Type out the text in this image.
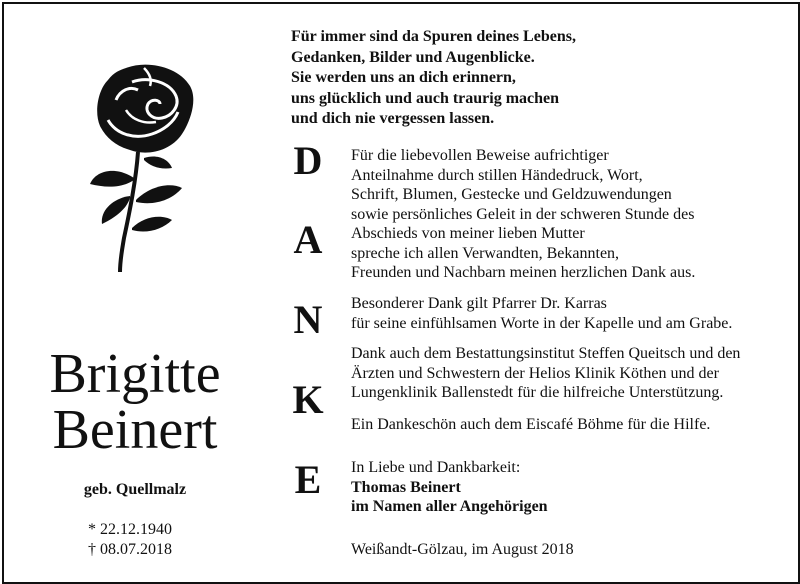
Brigitte
Beinert
geb. Quellmalz
* 22.12.1940
† 08.07.2018
Für immer sind da Spuren deines Lebens,
Gedanken, Bilder und Augenblicke.
Sie werden uns an dich erinnern,
uns glücklich und auch traurig machen
und dich nie vergessen lassen.
D
A
N
K
E
Für die liebevollen Beweise aufrichtiger
Anteilnahme durch stillen Händedruck, Wort,
Schrift, Blumen, Gestecke und Geldzuwendungen
sowie persönliches Geleit in der schweren Stunde des
Abschieds von meiner lieben Mutter
spreche ich allen Verwandten, Bekannten,
Freunden und Nachbarn meinen herzlichen Dank aus.
Besonderer Dank gilt Pfarrer Dr. Karras
für seine einfühlsamen Worte in der Kapelle und am Grabe.
Dank auch dem Bestattungsinstitut Steffen Queitsch und den
Ärzten und Schwestern der Helios Klinik Köthen und der
Lungenklinik Ballenstedt für die hilfreiche Unterstützung.
Ein Dankeschön auch dem Eiscafé Böhme für die Hilfe.
In Liebe und Dankbarkeit:
Thomas Beinert
im Namen aller Angehörigen
Weißandt-Gölzau, im August 2018
